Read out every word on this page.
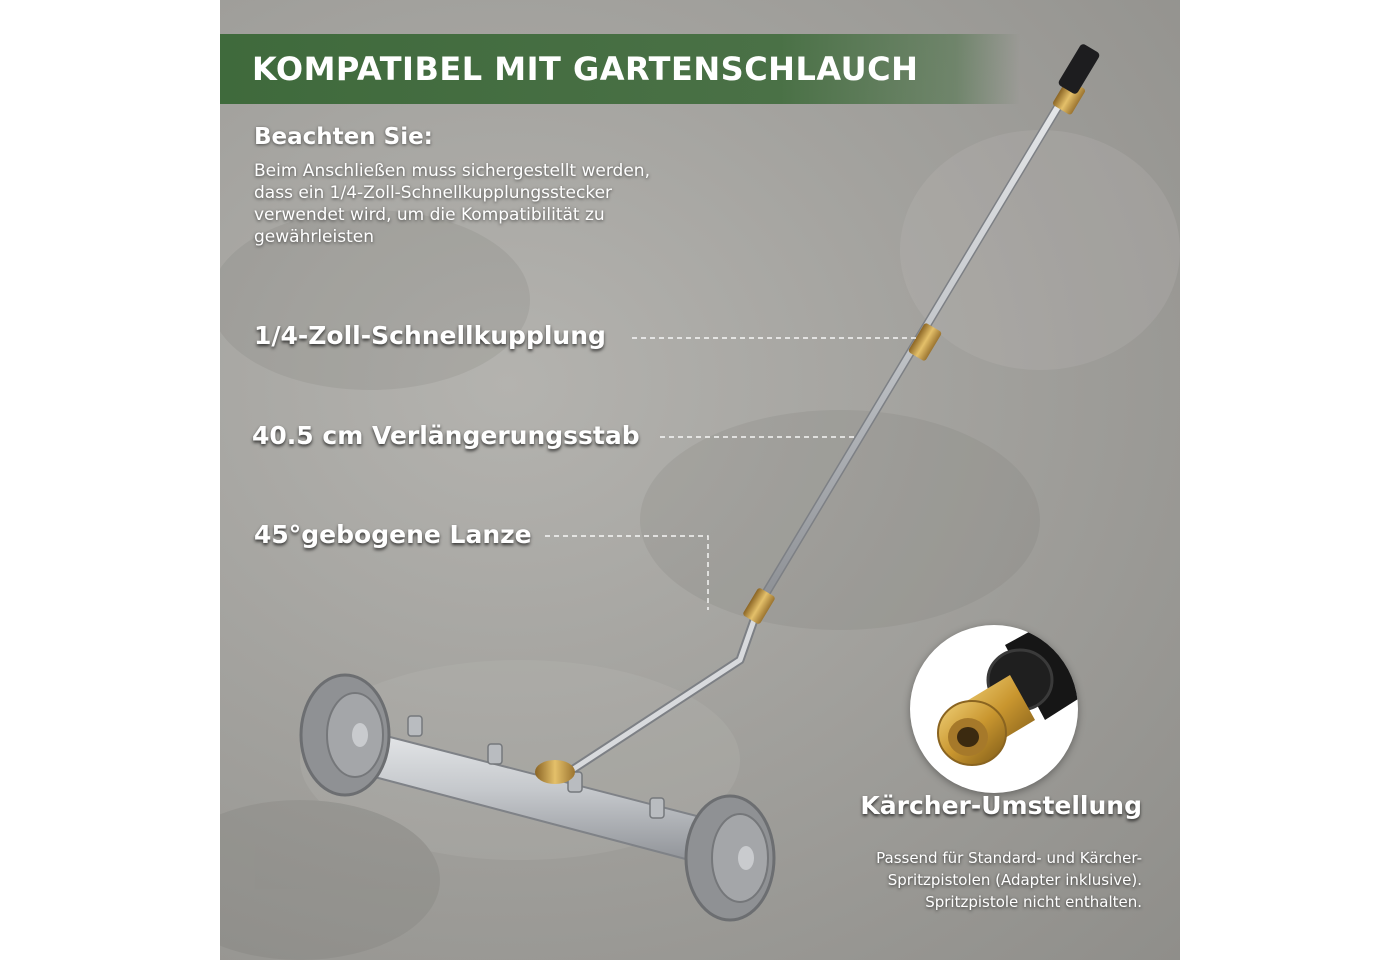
KOMPATIBEL MIT GARTENSCHLAUCH
Beachten Sie:
Beim Anschließen muss sichergestellt werden,
dass ein 1/4-Zoll-Schnellkupplungsstecker
verwendet wird, um die Kompatibilität zu
gewährleisten
1/4-Zoll-Schnellkupplung
40.5 cm Verlängerungsstab
45°gebogene Lanze
Kärcher-Umstellung
Passend für Standard- und Kärcher-
Spritzpistolen (Adapter inklusive).
Spritzpistole nicht enthalten.
